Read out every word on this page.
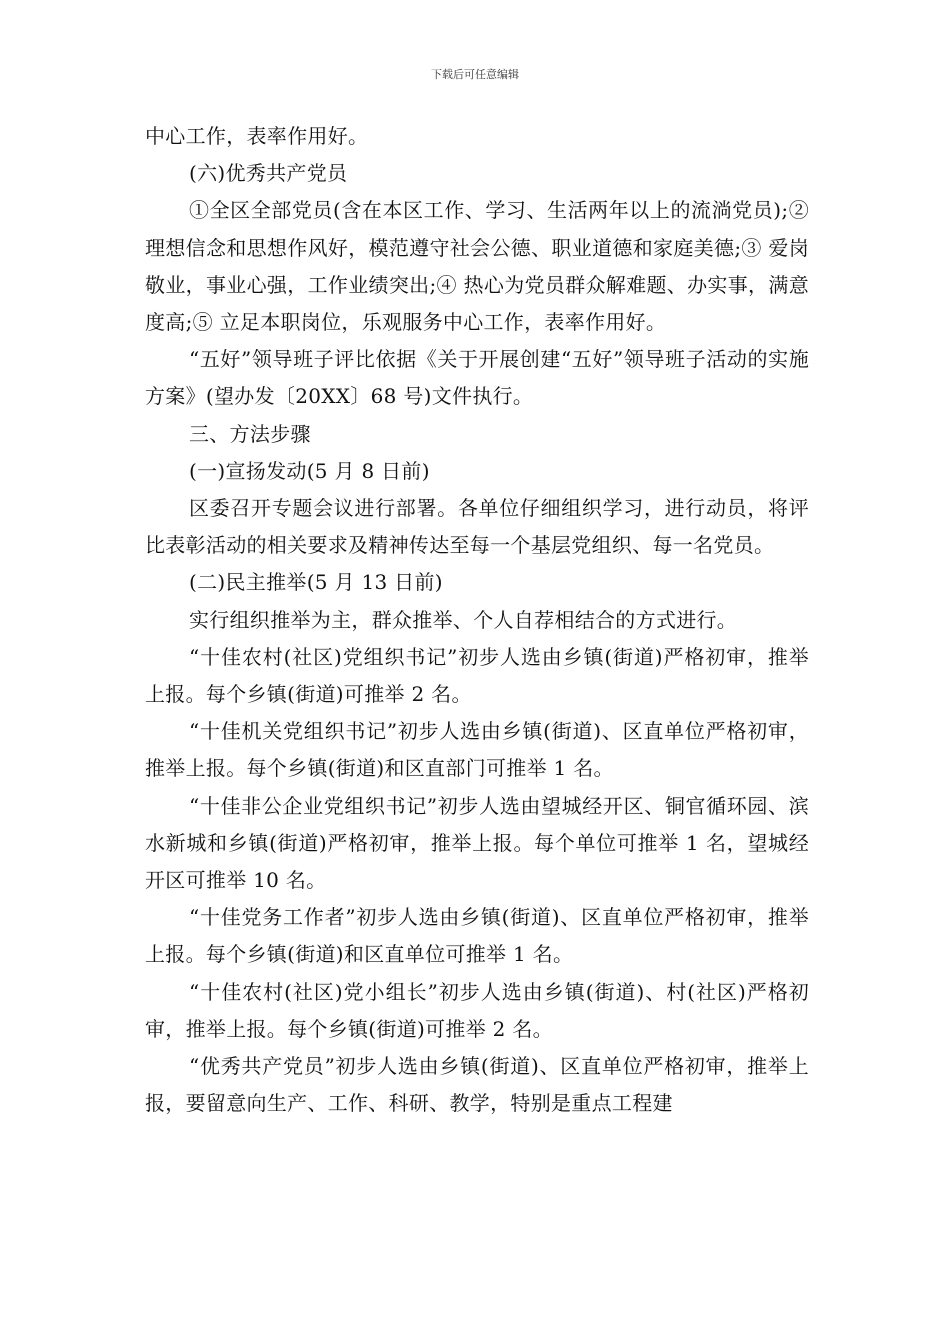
下载后可任意编辑

中心工作，表率作用好。

(六)优秀共产党员

①全区全部党员(含在本区工作、学习、生活两年以上的流淌党员);② 理想信念和思想作风好，模范遵守社会公德、职业道德和家庭美德;③ 爱岗敬业，事业心强，工作业绩突出;④ 热心为党员群众解难题、办实事，满意度高;⑤ 立足本职岗位，乐观服务中心工作，表率作用好。

“五好”领导班子评比依据《关于开展创建“五好”领导班子活动的实施方案》(望办发〔20XX〕68 号)文件执行。

三、方法步骤

(一)宣扬发动(5 月 8 日前)

区委召开专题会议进行部署。各单位仔细组织学习，进行动员，将评比表彰活动的相关要求及精神传达至每一个基层党组织、每一名党员。

(二)民主推举(5 月 13 日前)

实行组织推举为主，群众推举、个人自荐相结合的方式进行。

“十佳农村(社区)党组织书记”初步人选由乡镇(街道)严格初审，推举上报。每个乡镇(街道)可推举 2 名。

“十佳机关党组织书记”初步人选由乡镇(街道)、区直单位严格初审，推举上报。每个乡镇(街道)和区直部门可推举 1 名。

“十佳非公企业党组织书记”初步人选由望城经开区、铜官循环园、滨水新城和乡镇(街道)严格初审，推举上报。每个单位可推举 1 名，望城经开区可推举 10 名。

“十佳党务工作者”初步人选由乡镇(街道)、区直单位严格初审，推举上报。每个乡镇(街道)和区直单位可推举 1 名。

“十佳农村(社区)党小组长”初步人选由乡镇(街道)、村(社区)严格初审，推举上报。每个乡镇(街道)可推举 2 名。

“优秀共产党员”初步人选由乡镇(街道)、区直单位严格初审，推举上报，要留意向生产、工作、科研、教学，特别是重点工程建
